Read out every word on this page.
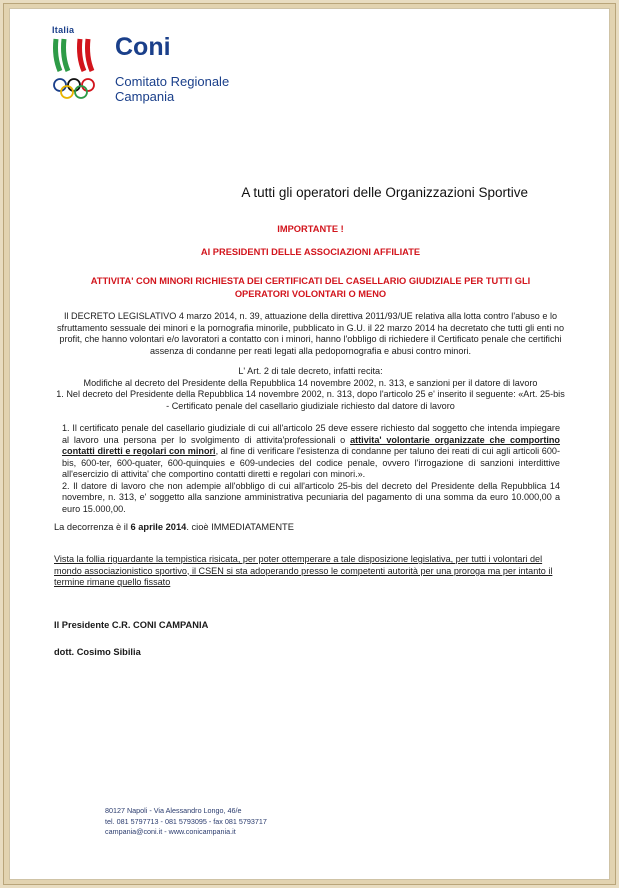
Italia
Coni
Comitato Regionale
Campania
A tutti gli operatori delle Organizzazioni Sportive
IMPORTANTE !
AI PRESIDENTI DELLE ASSOCIAZIONI AFFILIATE
ATTIVITA' CON MINORI RICHIESTA DEI CERTIFICATI DEL CASELLARIO GIUDIZIALE PER TUTTI GLI
OPERATORI VOLONTARI O MENO
Il DECRETO LEGISLATIVO 4 marzo 2014, n. 39, attuazione della direttiva 2011/93/UE relativa alla lotta contro l'abuso e lo
sfruttamento sessuale dei minori e la pornografia minorile, pubblicato in G.U. il 22 marzo 2014 ha decretato che tutti gli enti no
profit, che hanno volontari e/o lavoratori a contatto con i minori, hanno l'obbligo di richiedere il Certificato penale che certifichi
assenza di condanne per reati legati alla pedopornografia e abusi contro minori.
L' Art. 2 di tale decreto, infatti recita:
Modifiche al decreto del Presidente della Repubblica 14 novembre 2002, n. 313, e sanzioni per il datore di lavoro
1. Nel decreto del Presidente della Repubblica 14 novembre 2002, n. 313, dopo l'articolo 25 e' inserito il seguente: «Art. 25-bis
- Certificato penale del casellario giudiziale richiesto dal datore di lavoro
1. Il certificato penale del casellario giudiziale di cui all'articolo 25 deve essere richiesto dal soggetto che intenda impiegare al lavoro una persona per lo svolgimento di attivita'professionali o attivita' volontarie organizzate che comportino contatti diretti e regolari con minori, al fine di verificare l'esistenza di condanne per taluno dei reati di cui agli articoli 600-bis, 600-ter, 600-quater, 600-quinquies e 609-undecies del codice penale, ovvero l'irrogazione di sanzioni interdittive all'esercizio di attivita' che comportino contatti diretti e regolari con minori.».
2. Il datore di lavoro che non adempie all'obbligo di cui all'articolo 25-bis del decreto del Presidente della Repubblica 14 novembre, n. 313, e' soggetto alla sanzione amministrativa pecuniaria del pagamento di una somma da euro 10.000,00 a euro 15.000,00.
La decorrenza è il 6 aprile 2014. cioè IMMEDIATAMENTE
Vista la follia riguardante la tempistica risicata, per poter ottemperare a tale disposizione legislativa, per tutti i volontari del mondo associazionistico sportivo, il CSEN si sta adoperando presso le competenti autorità per una proroga ma per intanto il termine rimane quello fissato
Il Presidente C.R. CONI CAMPANIA
dott. Cosimo Sibilia
80127 Napoli - Via Alessandro Longo, 46/e
tel. 081 5797713 - 081 5793095 - fax 081 5793717
campania@coni.it - www.conicampania.it
